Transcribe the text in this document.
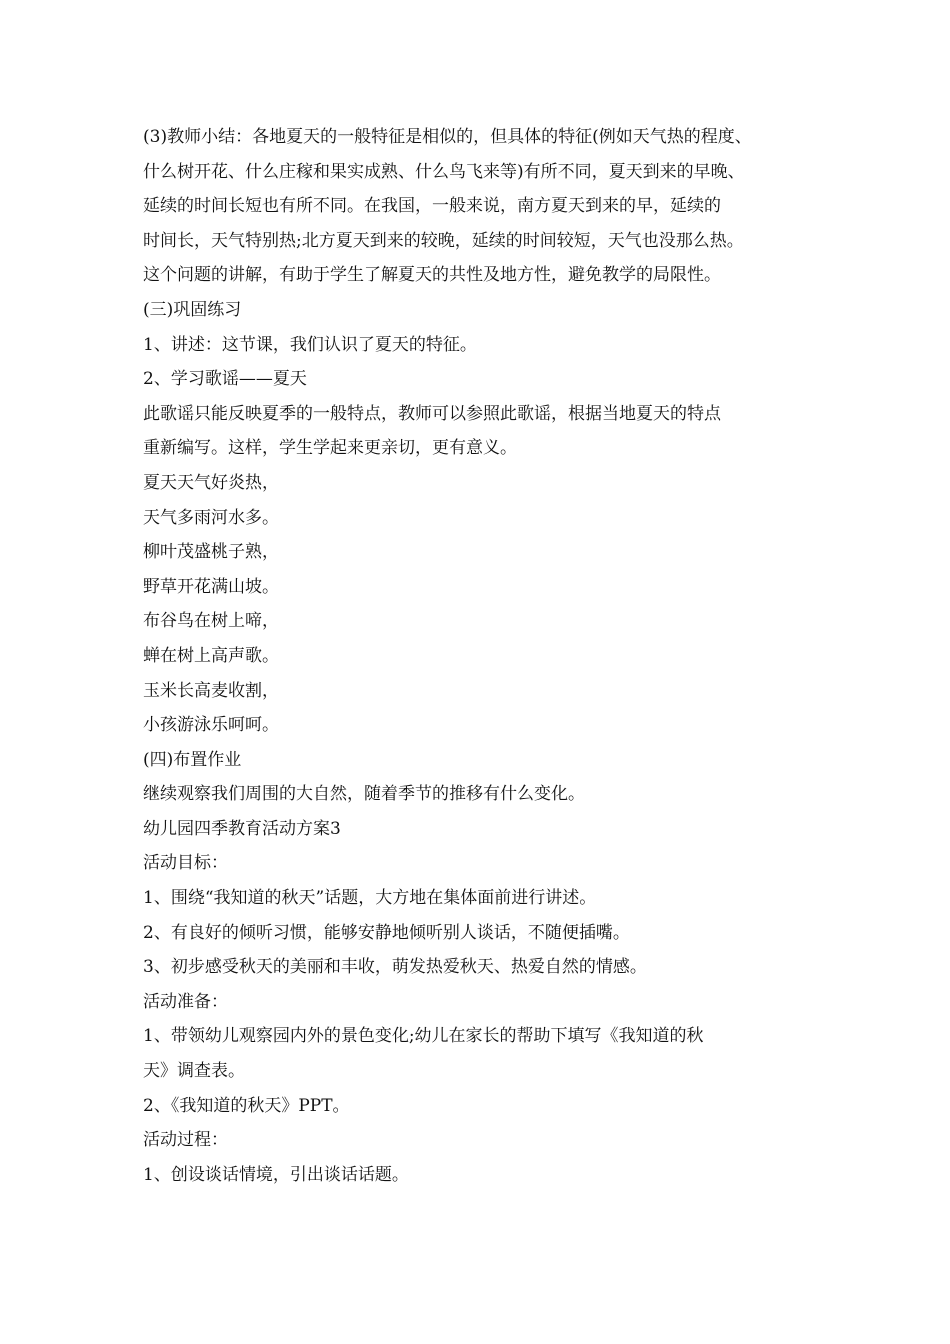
(3)教师小结：各地夏天的一般特征是相似的，但具体的特征(例如天气热的程度、
什么树开花、什么庄稼和果实成熟、什么鸟飞来等)有所不同，夏天到来的早晚、
延续的时间长短也有所不同。在我国，一般来说，南方夏天到来的早，延续的
时间长，天气特别热;北方夏天到来的较晚，延续的时间较短，天气也没那么热。
这个问题的讲解，有助于学生了解夏天的共性及地方性，避免教学的局限性。
(三)巩固练习
1、讲述：这节课，我们认识了夏天的特征。
2、学习歌谣——夏天
此歌谣只能反映夏季的一般特点，教师可以参照此歌谣，根据当地夏天的特点
重新编写。这样，学生学起来更亲切，更有意义。
夏天天气好炎热，
天气多雨河水多。
柳叶茂盛桃子熟，
野草开花满山坡。
布谷鸟在树上啼，
蝉在树上高声歌。
玉米长高麦收割，
小孩游泳乐呵呵。
(四)布置作业
继续观察我们周围的大自然，随着季节的推移有什么变化。
幼儿园四季教育活动方案3
活动目标：
1、围绕“我知道的秋天”话题，大方地在集体面前进行讲述。
2、有良好的倾听习惯，能够安静地倾听别人谈话，不随便插嘴。
3、初步感受秋天的美丽和丰收，萌发热爱秋天、热爱自然的情感。
活动准备：
1、带领幼儿观察园内外的景色变化;幼儿在家长的帮助下填写《我知道的秋
天》调查表。
2、《我知道的秋天》PPT。
活动过程：
1、创设谈话情境，引出谈话话题。
